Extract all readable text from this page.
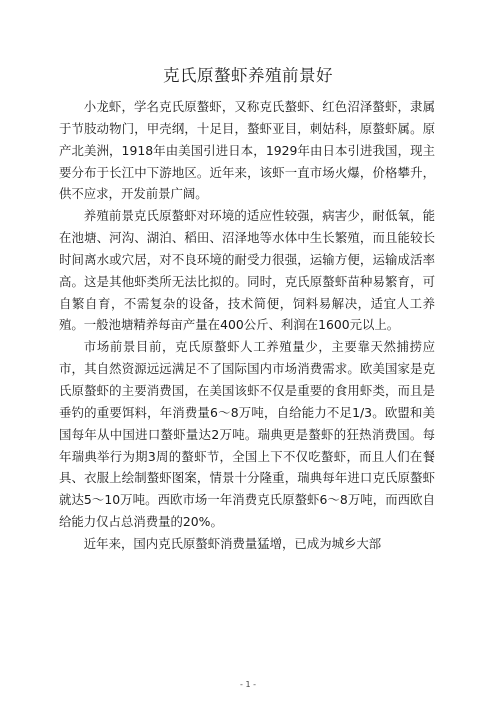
克氏原螯虾养殖前景好

小龙虾，学名克氏原螯虾，又称克氏螯虾、红色沼泽螯虾，隶属于节肢动物门，甲壳纲，十足目，螯虾亚目，刺姑科，原螯虾属。原产北美洲，1918年由美国引进日本，1929年由日本引进我国，现主要分布于长江中下游地区。近年来，该虾一直市场火爆，价格攀升，供不应求，开发前景广阔。

养殖前景克氏原螯虾对环境的适应性较强，病害少，耐低氧，能在池塘、河沟、湖泊、稻田、沼泽地等水体中生长繁殖，而且能较长时间离水或穴居，对不良环境的耐受力很强，运输方便，运输成活率高。这是其他虾类所无法比拟的。同时，克氏原螯虾苗种易繁育，可自繁自育，不需复杂的设备，技术简便，饲料易解决，适宜人工养殖。一般池塘精养每亩产量在400公斤、利润在1600元以上。

市场前景目前，克氏原螯虾人工养殖量少，主要靠天然捕捞应市，其自然资源远远满足不了国际国内市场消费需求。欧美国家是克氏原螯虾的主要消费国，在美国该虾不仅是重要的食用虾类，而且是垂钓的重要饵料，年消费量6～8万吨，自给能力不足1/3。欧盟和美国每年从中国进口螯虾量达2万吨。瑞典更是螯虾的狂热消费国。每年瑞典举行为期3周的螯虾节，全国上下不仅吃螯虾，而且人们在餐具、衣服上绘制螯虾图案，情景十分隆重，瑞典每年进口克氏原螯虾就达5～10万吨。西欧市场一年消费克氏原螯虾6～8万吨，而西欧自给能力仅占总消费量的20%。

近年来，国内克氏原螯虾消费量猛增，已成为城乡大部

- 1 -
